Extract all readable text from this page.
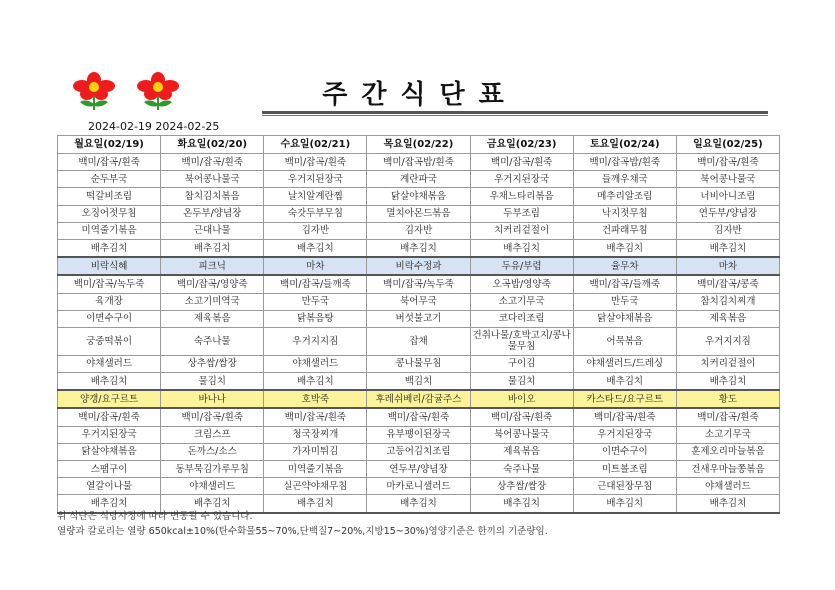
주간식단표
2024-02-19 2024-02-25
월요일(02/19)	화요일(02/20)	수요일(02/21)	목요일(02/22)	금요일(02/23)	토요일(02/24)	일요일(02/25)
백미/잡곡/흰죽	백미/잡곡/흰죽	백미/잡곡/흰죽	백미/잡곡밥/흰죽	백미/잡곡/흰죽	백미/잡곡밥/흰죽	백미/잡곡/흰죽
순두부국	북어콩나물국	우거지된장국	계란파국	우거지된장국	들깨우채국	북어콩나물국
떡갈비조림	참치김치볶음	날치알계란찜	닭살야채볶음	우채느타리볶음	메추리알조림	너비아니조림
오징어젓무침	온두부/양념장	숙갓두부무침	멸치아몬드볶음	두부조림	낙지젓무침	연두부/양념장
미역줄기볶음	근대나물	김자반	김자반	치커리겉절이	건파래무침	김자반
배추김치	배추김치	배추김치	배추김치	배추김치	배추김치	배추김치
비락식혜	피크닉	마차	비락수정과	두유/부렴	율무차	마차
백미/잡곡/녹두죽	백미/잡곡/영양죽	백미/잡곡/들깨죽	백미/잡곡/녹두죽	오곡밥/영양죽	백미/잡곡/들깨죽	백미/잡곡/콩죽
육개장	소고기미역국	만두국	북어무국	소고기무국	만두국	참치김치찌개
이면수구이	제육볶음	닭볶음탕	버섯불고기	코다리조림	닭살야채볶음	제육볶음
궁중떡볶이	숙주나물	우거지지짐	잡채	건취나물/호박고지/콩나물무침	어묵볶음	우거지지짐
야채샐러드	상추쌈/쌈장	야채샐러드	콩나물무침	구이김	야채샐러드/드레싱	치커리겉절이
배추김치	물김치	배추김치	백김치	물김치	배추김치	배추김치
양갱/요구르트	바나나	호박죽	후레쉬베리/감귤주스	바이오	카스타드/요구르트	황도
백미/잡곡/흰죽	백미/잡곡/흰죽	백미/잡곡/흰죽	백미/잡곡/흰죽	백미/잡곡/흰죽	백미/잡곡/흰죽	백미/잡곡/흰죽
우거지된장국	크림스프	청국장찌개	유부팽이된장국	북어콩나물국	우거지된장국	소고기무국
닭살야채볶음	돈까스/소스	가자미튀김	고등어김치조림	제육볶음	이면수구이	훈제오리마늘볶음
스팸구이	동부묵김가루무침	미역줄기볶음	연두부/양념장	숙주나물	미트볼조림	건새우마늘쫑볶음
열갈이나물	야채샐러드	실곤약야채무침	마카로니샐러드	상추쌈/쌈장	근대된장무침	야채샐러드
배추김치	배추김치	배추김치	배추김치	배추김치	배추김치	배추김치
위 식단은 식당사정에 따라 변동될 수 있습니다.
열량과 칼로리는 열량 650kcal±10%(탄수화물55~70%,단백질7~20%,지방15~30%)영양기준은 한끼의 기준량임.
